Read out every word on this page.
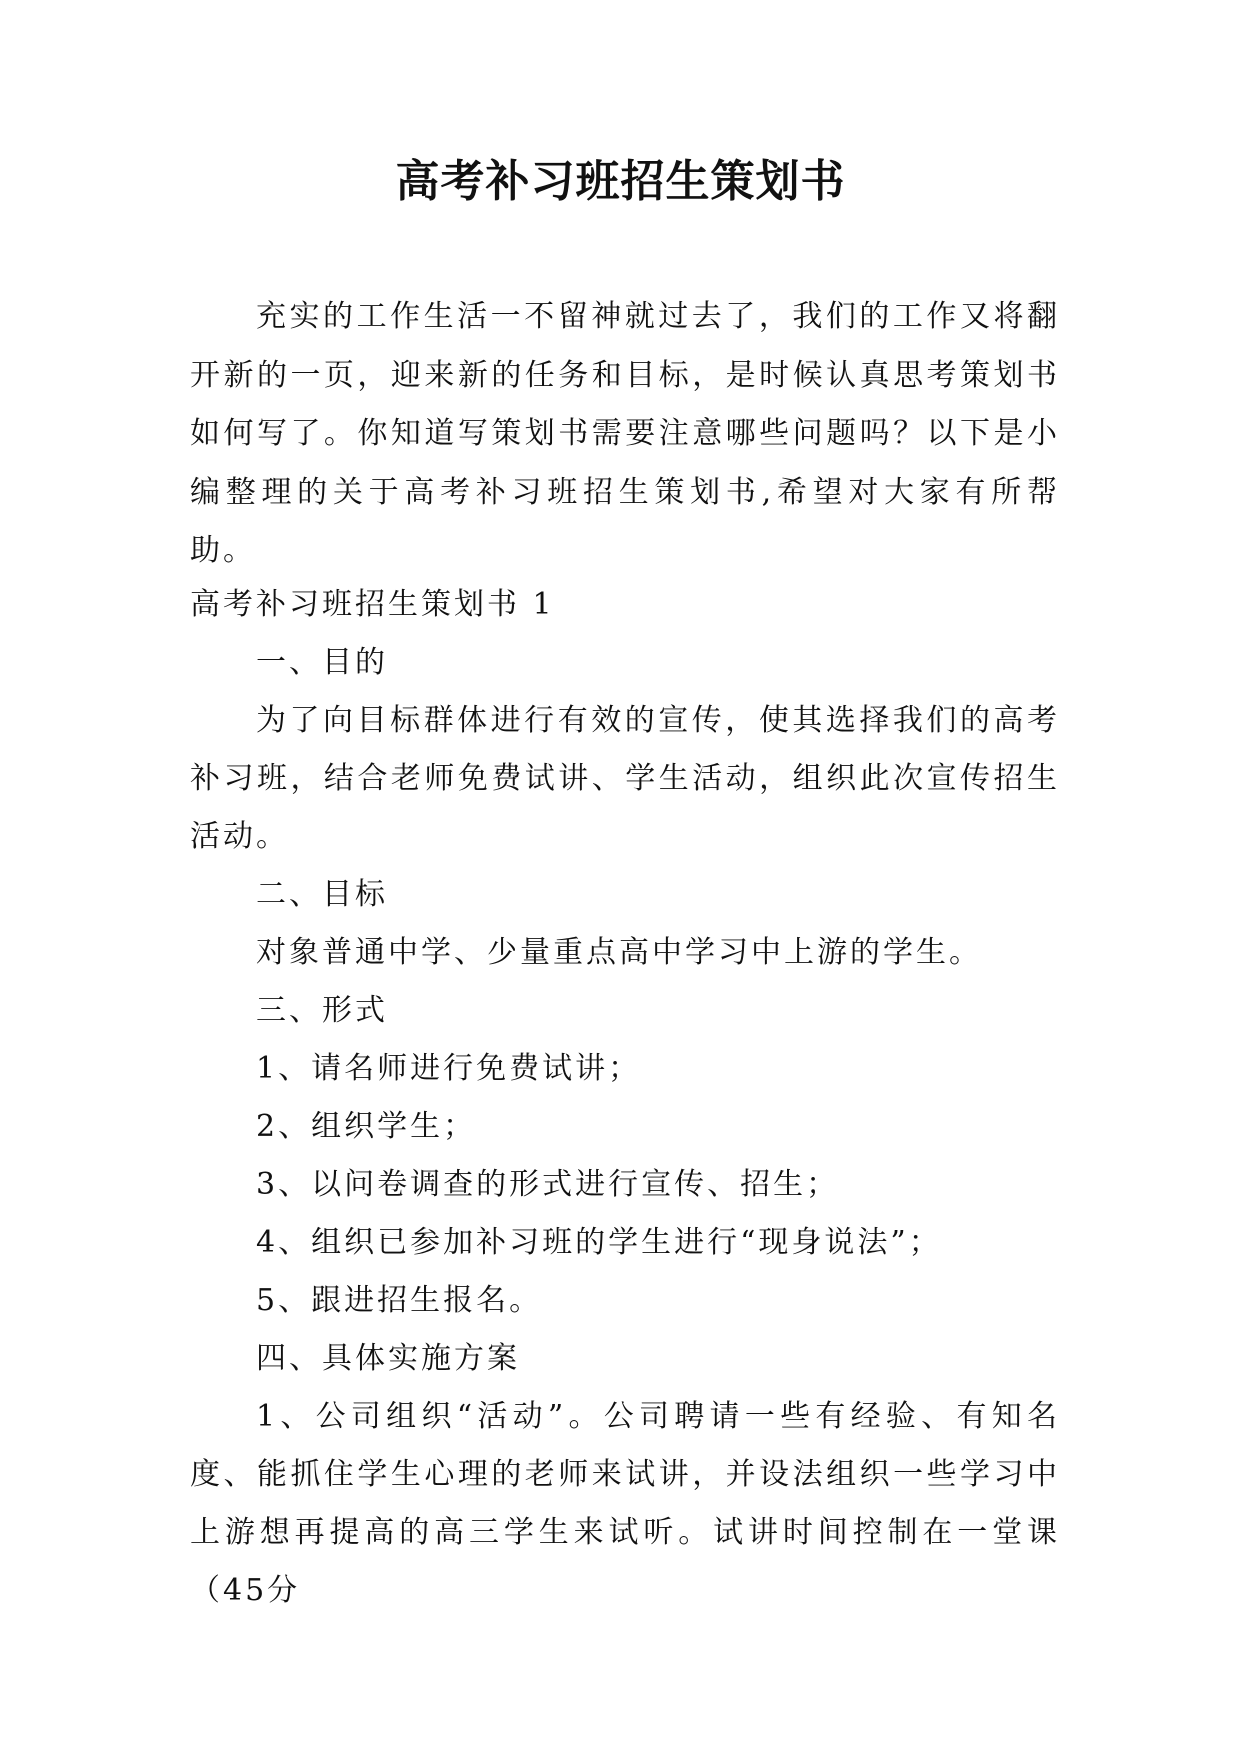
高考补习班招生策划书

充实的工作生活一不留神就过去了，我们的工作又将翻开新的一页，迎来新的任务和目标，是时候认真思考策划书如何写了。你知道写策划书需要注意哪些问题吗？以下是小编整理的关于高考补习班招生策划书,希望对大家有所帮助。

高考补习班招生策划书 1

一、目的

为了向目标群体进行有效的宣传，使其选择我们的高考补习班，结合老师免费试讲、学生活动，组织此次宣传招生活动。

二、目标

对象普通中学、少量重点高中学习中上游的学生。

三、形式

1、请名师进行免费试讲；

2、组织学生；

3、以问卷调查的形式进行宣传、招生；

4、组织已参加补习班的学生进行“现身说法”；

5、跟进招生报名。

四、具体实施方案

1、公司组织“活动”。公司聘请一些有经验、有知名度、能抓住学生心理的老师来试讲，并设法组织一些学习中上游想再提高的高三学生来试听。试讲时间控制在一堂课（45分
